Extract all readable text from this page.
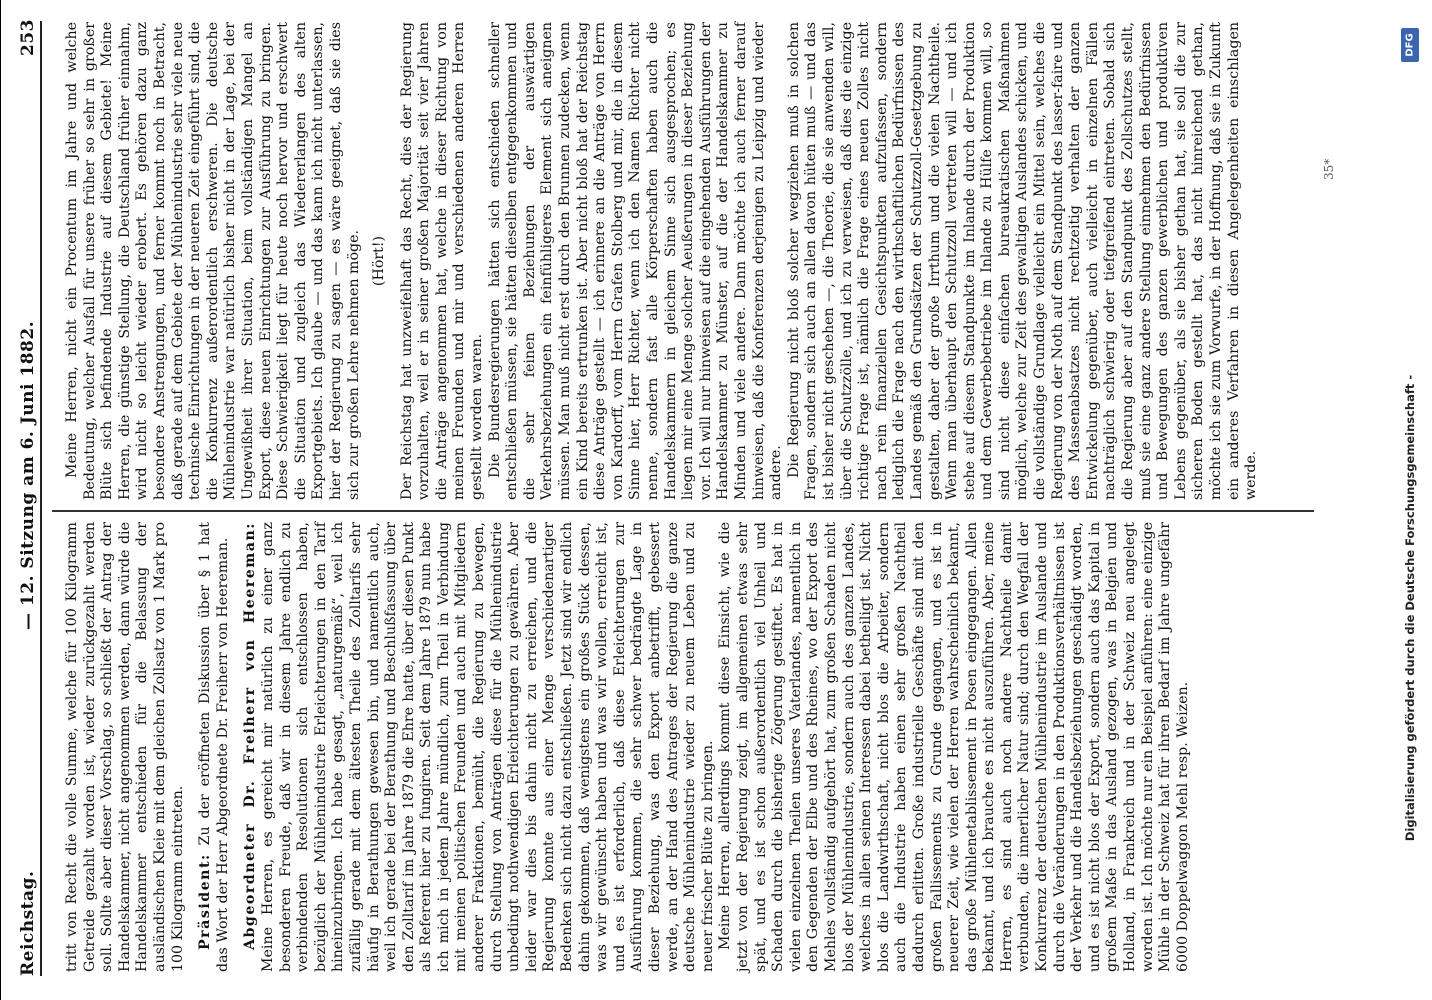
Reichstag.
— 12. Sitzung am 6. Juni 1882.
253

tritt von Recht die volle Summe, welche für 100 Kilogramm Getreide gezahlt worden ist, wieder zurückgezahlt werden soll. Sollte aber dieser Vorschlag, so schließt der Antrag der Handelskammer, nicht angenommen werden, dann würde die Handelskammer entschieden für die Belassung der ausländischen Kleie mit dem gleichen Zollsatz von 1 Mark pro 100 Kilogramm eintreten. Präsident: Zu der eröffneten Diskussion über § 1 hat das Wort der Herr Abgeordnete Dr. Freiherr von Heereman. Abgeordneter Dr. Freiherr von Heereman: Meine Herren, es gereicht mir natürlich zu einer ganz besonderen Freude, daß wir in diesem Jahre endlich zu verbindenden Resolutionen sich entschlossen haben, bezüglich der Mühlenindustrie Erleichterungen in den Tarif hineinzubringen. Ich habe gesagt, „naturgemäß“, weil ich zufällig gerade mit dem ältesten Theile des Zolltarifs sehr häufig in Berathungen gewesen bin, und namentlich auch, weil ich gerade bei der Berathung und Beschlußfassung über den Zolltarif im Jahre 1879 die Ehre hatte, über diesen Punkt als Referent hier zu fungiren. Seit dem Jahre 1879 nun habe ich mich in jedem Jahre mündlich, zum Theil in Verbindung mit meinen politischen Freunden und auch mit Mitgliedern anderer Fraktionen, bemüht, die Regierung zu bewegen, durch Stellung von Anträgen diese für die Mühlenindustrie unbedingt nothwendigen Erleichterungen zu gewähren. Aber leider war dies bis dahin nicht zu erreichen, und die Regierung konnte aus einer Menge verschiedenartiger Bedenken sich nicht dazu entschließen. Jetzt sind wir endlich dahin gekommen, daß wenigstens ein großes Stück dessen, was wir gewünscht haben und was wir wollen, erreicht ist, und es ist erforderlich, daß diese Erleichterungen zur Ausführung kommen, die sehr schwer bedrängte Lage in dieser Beziehung, was den Export anbetrifft, gebessert werde, an der Hand des Antrages der Regierung die ganze deutsche Mühlenindustrie wieder zu neuem Leben und zu neuer frischer Blüte zu bringen. Meine Herren, allerdings kommt diese Einsicht, wie die jetzt von der Regierung zeigt, im allgemeinen etwas sehr spät, und es ist schon außerordentlich viel Unheil und Schaden durch die bisherige Zögerung gestiftet. Es hat in vielen einzelnen Theilen unseres Vaterlandes, namentlich in den Gegenden der Elbe und des Rheines, wo der Export des Mehles vollständig aufgehört hat, zum großen Schaden nicht blos der Mühlenindustrie, sondern auch des ganzen Landes, welches in allen seinen Interessen dabei betheiligt ist. Nicht blos die Landwirthschaft, nicht blos die Arbeiter, sondern auch die Industrie haben einen sehr großen Nachtheil dadurch erlitten. Große industrielle Geschäfte sind mit den großen Fallissements zu Grunde gegangen, und es ist in neuerer Zeit, wie vielen der Herren wahrscheinlich bekannt, das große Mühlenetablissement in Posen eingegangen. Allen bekannt, und ich brauche es nicht auszuführen. Aber, meine Herren, es sind auch noch andere Nachtheile damit verbunden, die innerlicher Natur sind; durch den Wegfall der Konkurrenz der deutschen Mühlenindustrie im Auslande und durch die Veränderungen in den Produktionsverhältnissen ist der Verkehr und die Handelsbeziehungen geschädigt worden, und es ist nicht blos der Export, sondern auch das Kapital in großem Maße in das Ausland gezogen, was in Belgien und Holland, in Frankreich und in der Schweiz neu angelegt worden ist. Ich möchte nur ein Beispiel anführen: eine einzige Mühle in der Schweiz hat für ihren Bedarf im Jahre ungefähr 6000 Doppelwaggon Mehl resp. Weizen.

Meine Herren, nicht ein Procentum im Jahre und welche Bedeutung, welcher Ausfall für unsere früher so sehr in großer Blüte sich befindende Industrie auf diesem Gebiete! Meine Herren, die günstige Stellung, die Deutschland früher einnahm, wird nicht so leicht wieder erobert. Es gehören dazu ganz besondere Anstrengungen, und ferner kommt noch in Betracht, daß gerade auf dem Gebiete der Mühlenindustrie sehr viele neue technische Einrichtungen in der neueren Zeit eingeführt sind, die die Konkurrenz außerordentlich erschweren. Die deutsche Mühlenindustrie war natürlich bisher nicht in der Lage, bei der Ungewißheit ihrer Situation, beim vollständigen Mangel an Export, diese neuen Einrichtungen zur Ausführung zu bringen. Diese Schwierigkeit liegt für heute noch hervor und erschwert die Situation und zugleich das Wiedererlangen des alten Exportgebiets. Ich glaube — und das kann ich nicht unterlassen, hier der Regierung zu sagen — es wäre geeignet, daß sie dies sich zur großen Lehre nehmen möge. (Hört!) Der Reichstag hat unzweifelhaft das Recht, dies der Regierung vorzuhalten, weil er in seiner großen Majorität seit vier Jahren die Anträge angenommen hat, welche in dieser Richtung von meinen Freunden und mir und verschiedenen anderen Herren gestellt worden waren. Die Bundesregierungen hätten sich entschieden schneller entschließen müssen, sie hätten dieselben entgegenkommen und die sehr feinen Beziehungen der auswärtigen Verkehrsbeziehungen ein feinfühligeres Element sich aneignen müssen. Man muß nicht erst durch den Brunnen zudecken, wenn ein Kind bereits ertrunken ist. Aber nicht bloß hat der Reichstag diese Anträge gestellt — ich erinnere an die Anträge von Herrn von Kardorff, vom Herrn Grafen Stolberg und mir, die in diesem Sinne hier, Herr Richter, wenn ich den Namen Richter nicht nenne, sondern fast alle Körperschaften haben auch die Handelskammern in gleichem Sinne sich ausgesprochen; es liegen mir eine Menge solcher Aeußerungen in dieser Beziehung vor. Ich will nur hinweisen auf die eingehenden Ausführungen der Handelskammer zu Münster, auf die der Handelskammer zu Minden und viele andere. Dann möchte ich auch ferner darauf hinweisen, daß die Konferenzen derjenigen zu Leipzig und wieder andere. Die Regierung nicht bloß solcher wegziehen muß in solchen Fragen, sondern sich auch an allen davon hüten muß — und das ist bisher nicht geschehen —, die Theorie, die sie anwenden will, über die Schutzzölle, und ich zu verweisen, daß dies die einzige richtige Frage ist, nämlich die Frage eines neuen Zolles nicht nach rein finanziellen Gesichtspunkten aufzufassen, sondern lediglich die Frage nach den wirthschaftlichen Bedürfnissen des Landes gemäß den Grundsätzen der Schutzzoll-Gesetzgebung zu gestalten, daher der große Irrthum und die vielen Nachtheile. Wenn man überhaupt den Schutzzoll vertreten will — und ich stehe auf diesem Standpunkte im Inlande durch der Produktion und dem Gewerbebetriebe im Inlande zu Hülfe kommen will, so sind nicht diese einfachen bureaukratischen Maßnahmen möglich, welche zur Zeit des gewaltigen Auslandes schicken, und die vollständige Grundlage vielleicht ein Mittel sein, welches die Regierung von der Noth auf dem Standpunkt des lasser-faire und des Massenabsatzes nicht rechtzeitig verhalten der ganzen Entwickelung gegenüber, auch vielleicht in einzelnen Fällen nachträglich schwierig oder tiefgreifend eintreten. Sobald sich die Regierung aber auf den Standpunkt des Zollschutzes stellt, muß sie eine ganz andere Stellung einnehmen den Bedürfnissen und Bewegungen des ganzen gewerblichen und produktiven Lebens gegenüber, als sie bisher gethan hat, sie soll die zur sicheren Boden gestellt hat, das nicht hinreichend gethan, möchte ich sie zum Vorwurfe, in der Hoffnung, daß sie in Zukunft ein anderes Verfahren in diesen Angelegenheiten einschlagen werde.

35*
DFG
Digitalisierung gefördert durch die Deutsche Forschungsgemeinschaft -
